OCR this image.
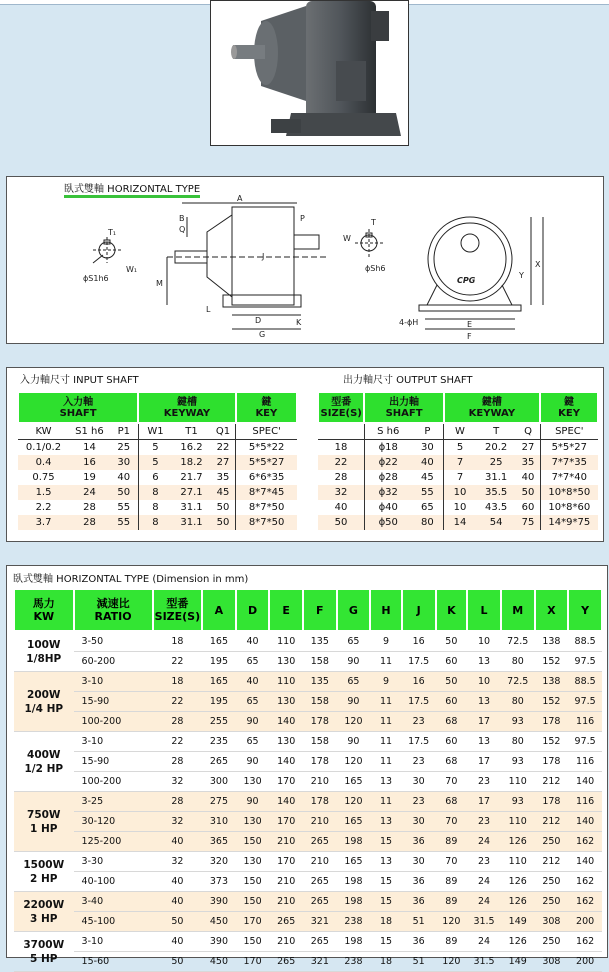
臥式雙軸 HORIZONTAL TYPE
A
B
Q
P
J
M
L
D	K
G
T₁
W₁
ϕS1h6
T
W
ϕSh6
Y
X
E
F
4-ϕH
CPG
入力軸尺寸 INPUT SHAFT	出力軸尺寸 OUTPUT SHAFT
入力軸
SHAFT			鍵槽
KEYWAY			鍵
KEY
KW	S1 h6	P1	W1	T1	Q1	SPEC'
0.1/0.2	14	25	5	16.2	22	5*5*22
0.4	16	30	5	18.2	27	5*5*27
0.75	19	40	6	21.7	35	6*6*35
1.5	24	50	8	27.1	45	8*7*45
2.2	28	55	8	31.1	50	8*7*50
3.7	28	55	8	31.1	50	8*7*50
型番
SIZE(S)	出力軸
SHAFT		鍵槽
KEYWAY			鍵
KEY
	S h6	P	W	T	Q	SPEC'
18	ϕ18	30	5	20.2	27	5*5*27
22	ϕ22	40	7	25	35	7*7*35
28	ϕ28	45	7	31.1	40	7*7*40
32	ϕ32	55	10	35.5	50	10*8*50
40	ϕ40	65	10	43.5	60	10*8*60
50	ϕ50	80	14	54	75	14*9*75
臥式雙軸 HORIZONTAL TYPE (Dimension in mm)
馬力
KW	減速比
RATIO	型番
SIZE(S)	A	D	E	F	G	H	J	K	L	M	X	Y
100W
1/8HP	3-50	18	165	40	110	135	65	9	16	50	10	72.5	138	88.5
	60-200	22	195	65	130	158	90	11	17.5	60	13	80	152	97.5
200W
1/4 HP	3-10	18	165	40	110	135	65	9	16	50	10	72.5	138	88.5
	15-90	22	195	65	130	158	90	11	17.5	60	13	80	152	97.5
	100-200	28	255	90	140	178	120	11	23	68	17	93	178	116
400W
1/2 HP	3-10	22	235	65	130	158	90	11	17.5	60	13	80	152	97.5
	15-90	28	265	90	140	178	120	11	23	68	17	93	178	116
	100-200	32	300	130	170	210	165	13	30	70	23	110	212	140
750W
1 HP	3-25	28	275	90	140	178	120	11	23	68	17	93	178	116
	30-120	32	310	130	170	210	165	13	30	70	23	110	212	140
	125-200	40	365	150	210	265	198	15	36	89	24	126	250	162
1500W
2 HP	3-30	32	320	130	170	210	165	13	30	70	23	110	212	140
	40-100	40	373	150	210	265	198	15	36	89	24	126	250	162
2200W
3 HP	3-40	40	390	150	210	265	198	15	36	89	24	126	250	162
	45-100	50	450	170	265	321	238	18	51	120	31.5	149	308	200
3700W
5 HP	3-10	40	390	150	210	265	198	15	36	89	24	126	250	162
	15-60	50	450	170	265	321	238	18	51	120	31.5	149	308	200
